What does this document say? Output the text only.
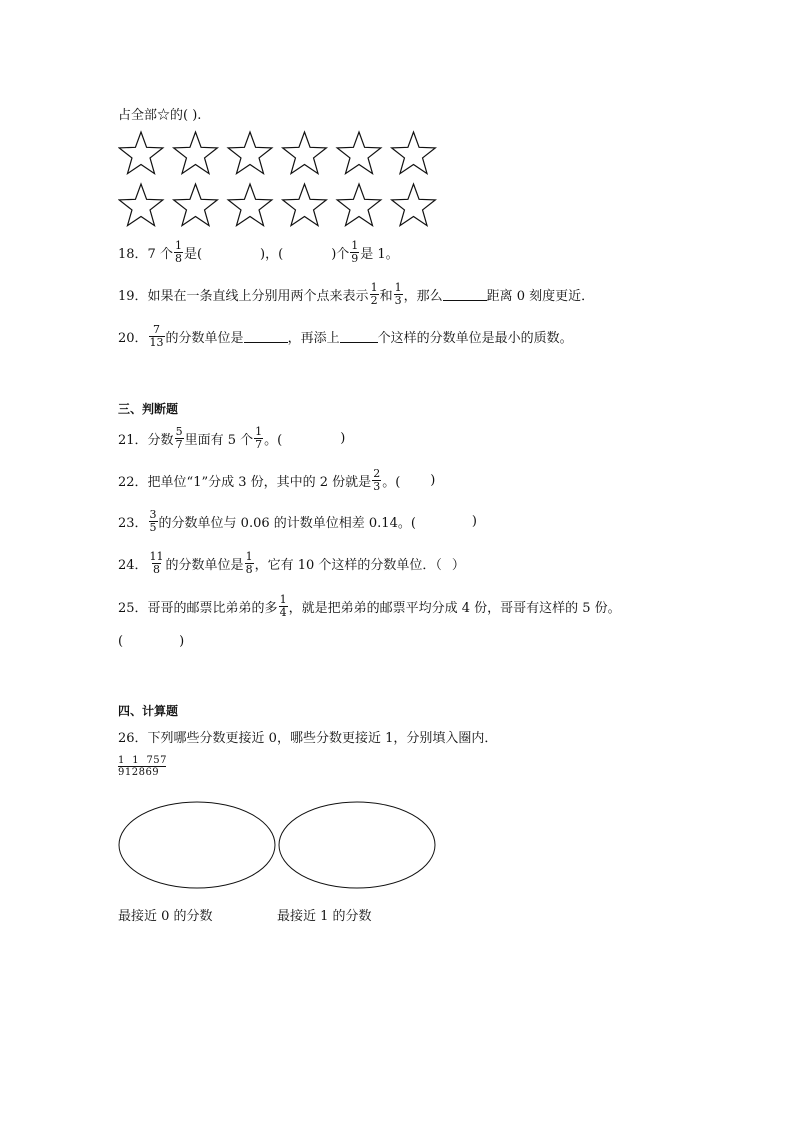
占全部☆的( ).
18． 7 个 $\frac{1}{8}$ 是(	)，(	)个 $\frac{1}{9}$ 是 1。
19． 如果在一条直线上分别用两个点来表示 $\frac{1}{2}$ 和 $\frac{1}{3}$ ，那么	距离 0 刻度更近．
20． $\frac{7}{13}$ 的分数单位是	，再添上	个这样的分数单位是最小的质数。
三、判断题
21． 分数 $\frac{5}{7}$ 里面有 5 个 $\frac{1}{7}$ 。(	)
22． 把单位“1”分成 3 份，其中的 2 份就是 $\frac{2}{3}$ 。( )
23． $\frac{3}{5}$ 的分数单位与 0.06 的计数单位相差 0.14。(	)
24． $\frac{11}{8}$ 的分数单位是 $\frac{1}{8}$ ，它有 10 个这样的分数单位．（ ）
25． 哥哥的邮票比弟弟的多 $\frac{1}{4}$ ，就是把弟弟的邮票平均分成 4 份，哥哥有这样的 5 份。
(	)
四、计算题
26． 下列哪些分数更接近 0，哪些分数更接近 1，分别填入圈内．
1  1  757
912869
最接近 0 的分数	最接近 1 的分数
